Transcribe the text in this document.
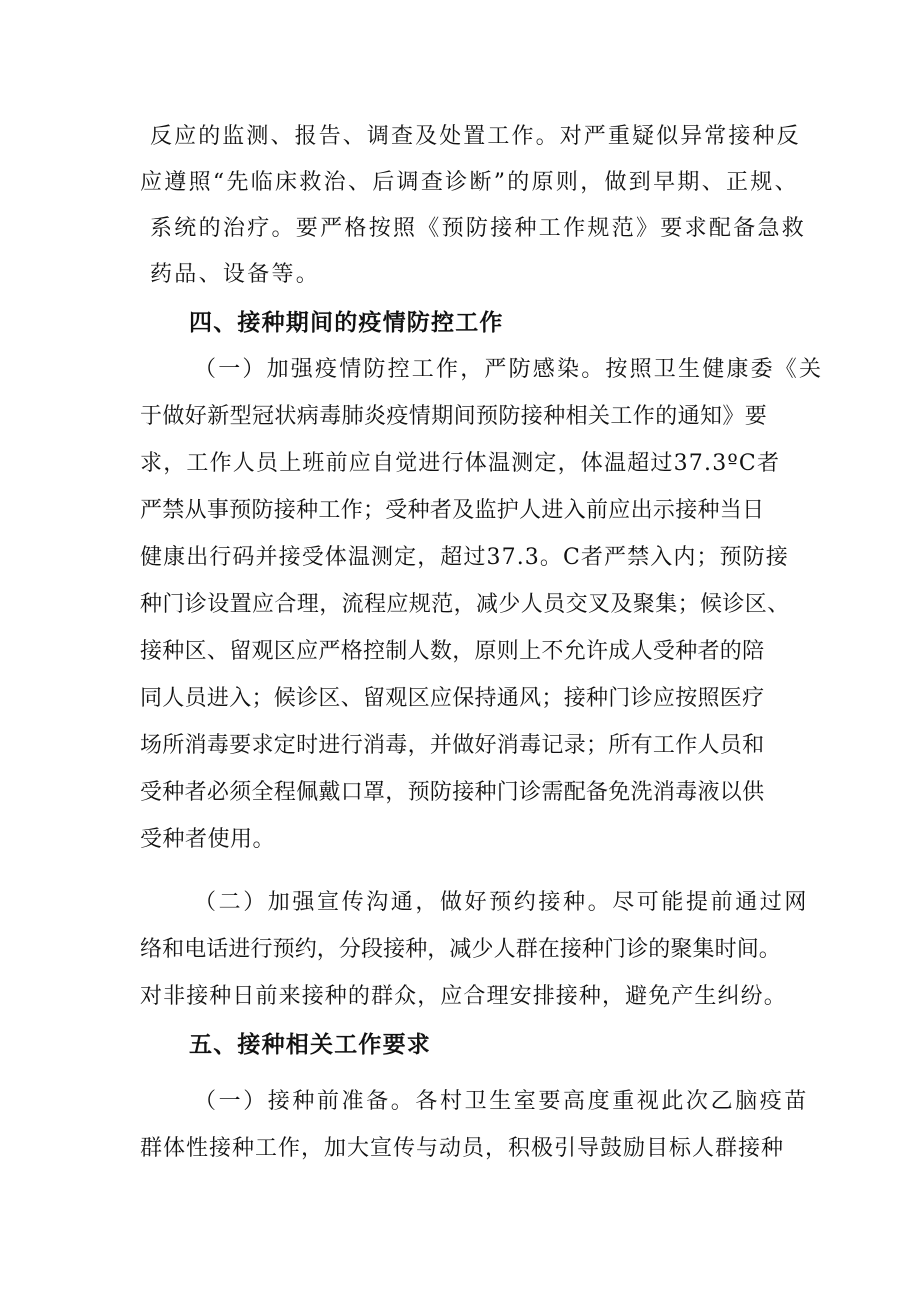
反应的监测、报告、调查及处置工作。对严重疑似异常接种反
应遵照“先临床救治、后调查诊断”的原则，做到早期、正规、
系统的治疗。要严格按照《预防接种工作规范》要求配备急救
药品、设备等。
四、接种期间的疫情防控工作
（一）加强疫情防控工作，严防感染。按照卫生健康委《关
于做好新型冠状病毒肺炎疫情期间预防接种相关工作的通知》要
求，工作人员上班前应自觉进行体温测定，体温超过37.3ºC者
严禁从事预防接种工作；受种者及监护人进入前应出示接种当日
健康出行码并接受体温测定，超过37.3。C者严禁入内；预防接
种门诊设置应合理，流程应规范，减少人员交叉及聚集；候诊区、
接种区、留观区应严格控制人数，原则上不允许成人受种者的陪
同人员进入；候诊区、留观区应保持通风；接种门诊应按照医疗
场所消毒要求定时进行消毒，并做好消毒记录；所有工作人员和
受种者必须全程佩戴口罩，预防接种门诊需配备免洗消毒液以供
受种者使用。
（二）加强宣传沟通，做好预约接种。尽可能提前通过网
络和电话进行预约，分段接种，减少人群在接种门诊的聚集时间。
对非接种日前来接种的群众，应合理安排接种，避免产生纠纷。
五、接种相关工作要求
（一）接种前准备。各村卫生室要高度重视此次乙脑疫苗
群体性接种工作，加大宣传与动员，积极引导鼓励目标人群接种
